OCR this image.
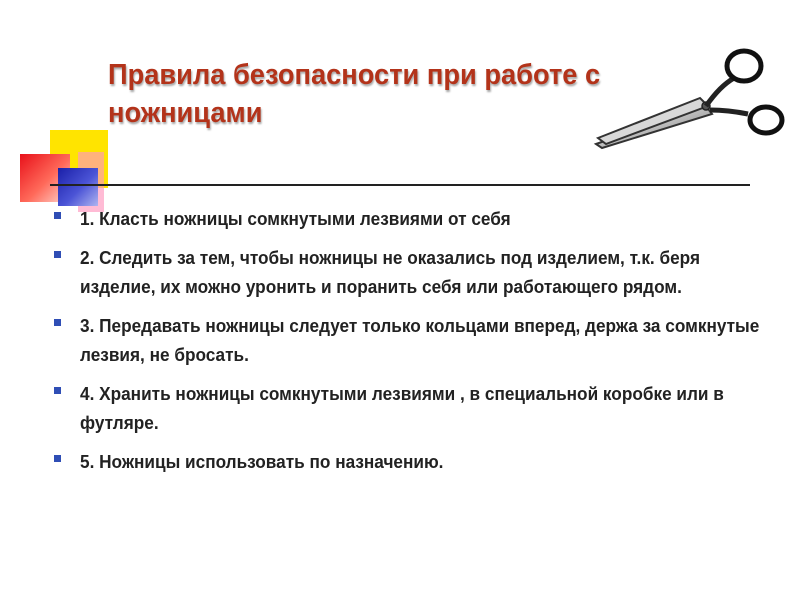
Правила безопасности при работе с ножницами
1. Класть ножницы сомкнутыми лезвиями от себя
2. Следить за тем, чтобы ножницы не оказались под изделием, т.к. беря изделие, их можно уронить и поранить себя или работающего рядом.
3. Передавать ножницы следует только кольцами вперед, держа за сомкнутые лезвия, не бросать.
4. Хранить ножницы сомкнутыми лезвиями , в специальной коробке или в футляре.
5. Ножницы использовать по назначению.
